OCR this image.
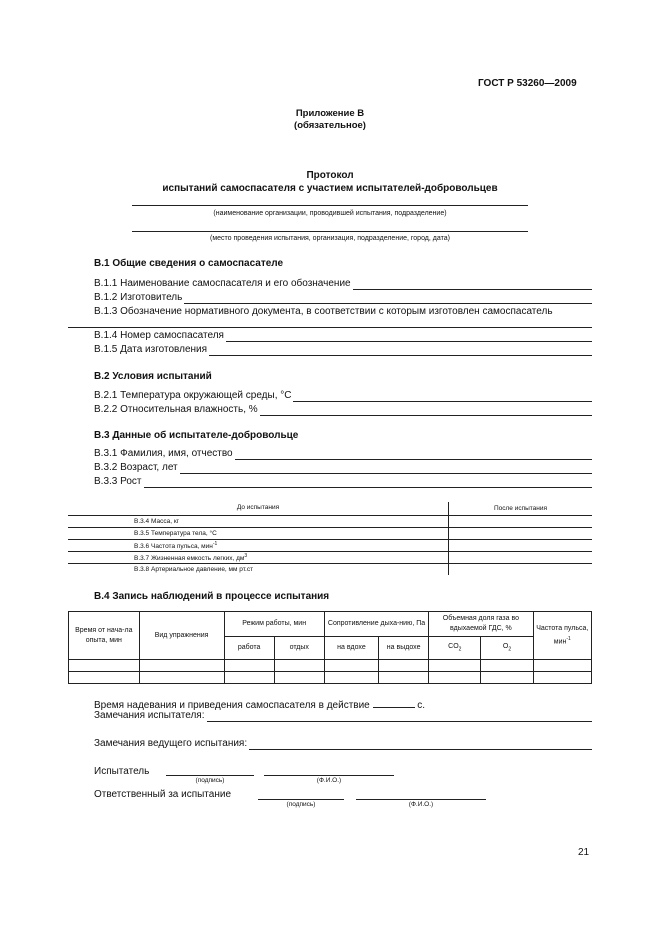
ГОСТ Р 53260—2009
Приложение В
(обязательное)
Протокол
испытаний самоспасателя с участием испытателей-добровольцев
(наименование организации, проводившей испытания, подразделение)
(место проведения испытания, организация, подразделение, город, дата)
В.1 Общие сведения о самоспасателе
В.1.1 Наименование самоспасателя и его обозначение
В.1.2 Изготовитель
В.1.3 Обозначение нормативного документа, в соответствии с которым изготовлен самоспасатель
В.1.4 Номер самоспасателя
В.1.5 Дата изготовления
В.2 Условия испытаний
В.2.1 Температура окружающей среды, °С
В.2.2 Относительная влажность, %
В.3 Данные об испытателе-добровольце
В.3.1 Фамилия, имя, отчество
В.3.2 Возраст, лет
В.3.3 Рост
До испытания	После испытания
В.3.4 Масса, кг	
В.3.5 Температура тела, °С	
В.3.6 Частота пульса, мин$^{-1}$	
В.3.7 Жизненная емкость легких, $дм^3$	
В.3.8 Артериальное давление, мм рт.ст	
В.4 Запись наблюдений в процессе испытания
Время от нача-ла опыта, мин	Вид упражнения	Режим работы, мин		Сопротивление дыха-нию, Па		Объемная доля газа во вдыхаемой ГДС, %		Частота пульса, мин$^{-1}$
		работа	отдых	на вдохе	на выдохе	$CO_2$	$O_2$

Время надевания и приведения самоспасателя в действие	с.
Замечания испытателя:
Замечания ведущего испытания:
Испытатель
(подпись)	(Ф.И.О.)
Ответственный за испытание
(подпись)	(Ф.И.О.)
21
